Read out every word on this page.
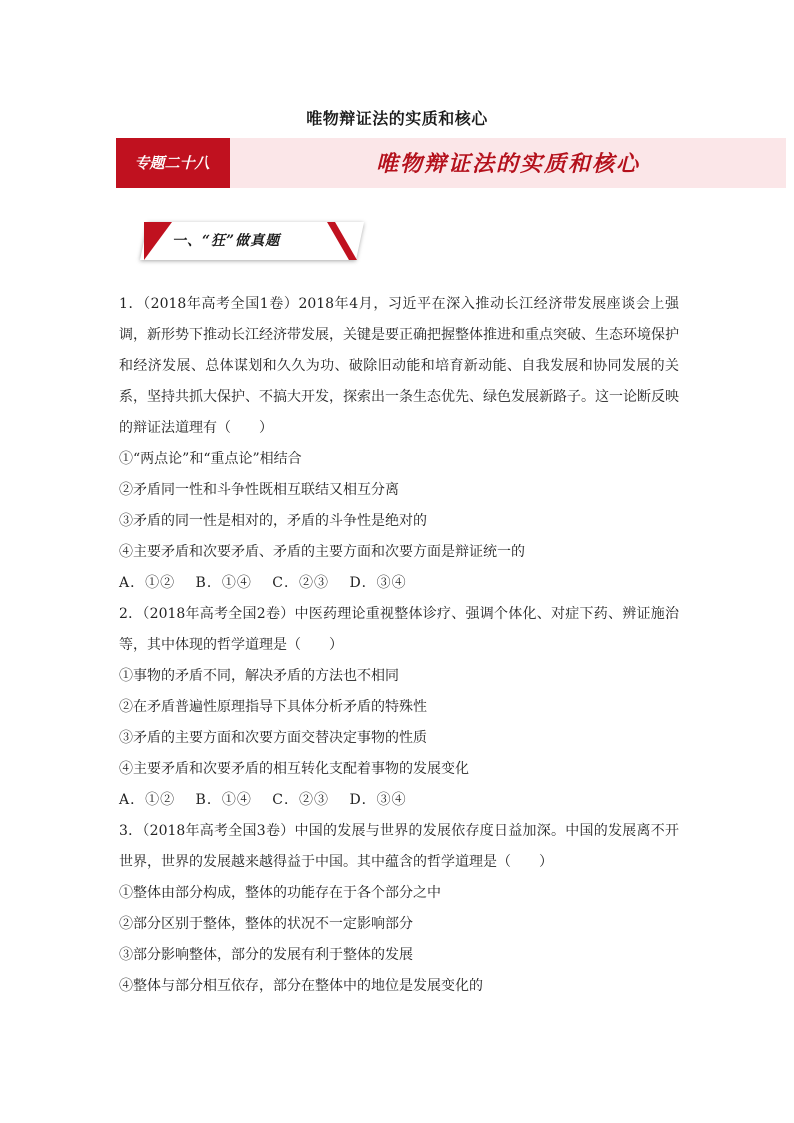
唯物辩证法的实质和核心
专题二十八	唯物辩证法的实质和核心
一、“狂”做真题

1．（2018年高考全国1卷）2018年4月，习近平在深入推动长江经济带发展座谈会上强调，新形势下推动长江经济带发展，关键是要正确把握整体推进和重点突破、生态环境保护和经济发展、总体谋划和久久为功、破除旧动能和培育新动能、自我发展和协同发展的关系，坚持共抓大保护、不搞大开发，探索出一条生态优先、绿色发展新路子。这一论断反映的辩证法道理有（　　）

①“两点论”和“重点论”相结合

②矛盾同一性和斗争性既相互联结又相互分离

③矛盾的同一性是相对的，矛盾的斗争性是绝对的

④主要矛盾和次要矛盾、矛盾的主要方面和次要方面是辩证统一的

A．①②　 B．①④　 C．②③　 D．③④

2．（2018年高考全国2卷）中医药理论重视整体诊疗、强调个体化、对症下药、辨证施治等，其中体现的哲学道理是（　　）

①事物的矛盾不同，解决矛盾的方法也不相同

②在矛盾普遍性原理指导下具体分析矛盾的特殊性

③矛盾的主要方面和次要方面交替决定事物的性质

④主要矛盾和次要矛盾的相互转化支配着事物的发展变化

A．①②　 B．①④　 C．②③　 D．③④

3．（2018年高考全国3卷）中国的发展与世界的发展依存度日益加深。中国的发展离不开世界，世界的发展越来越得益于中国。其中蕴含的哲学道理是（　　）

①整体由部分构成，整体的功能存在于各个部分之中

②部分区别于整体，整体的状况不一定影响部分

③部分影响整体，部分的发展有利于整体的发展

④整体与部分相互依存，部分在整体中的地位是发展变化的
